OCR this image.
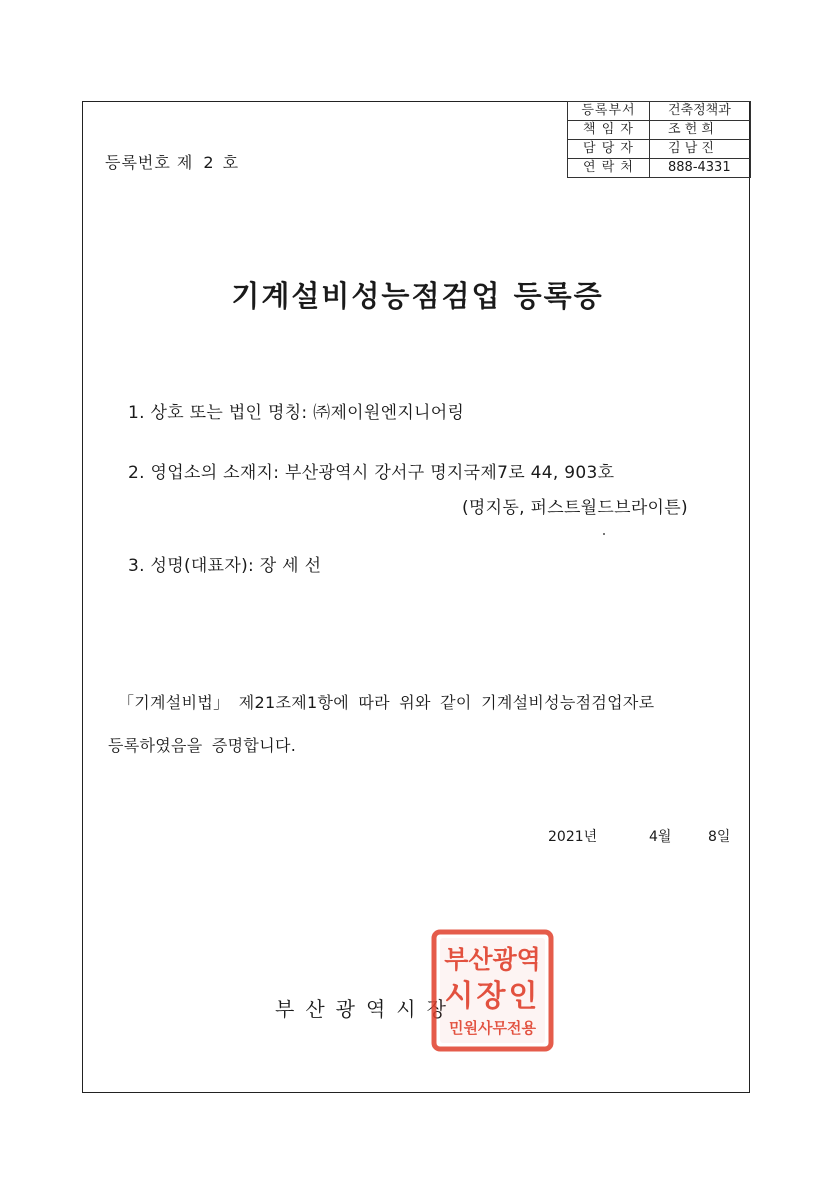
등록부서	건축정책과
책 임 자	조 헌 희
담 당 자	김 남 진
연 락 처	888-4331
등록번호 제 2 호
기계설비성능점검업 등록증
1. 상호 또는 법인 명칭: ㈜제이원엔지니어링
2. 영업소의 소재지: 부산광역시 강서구 명지국제7로 44, 903호
(명지동, 퍼스트월드브라이튼)
3. 성명(대표자): 장 세 선
「기계설비법」 제21조제1항에 따라 위와 같이 기계설비성능점검업자로
등록하였음을 증명합니다.
2021년	4월	8일
부산광역시장
부산광역
시장인
민원사무전용
